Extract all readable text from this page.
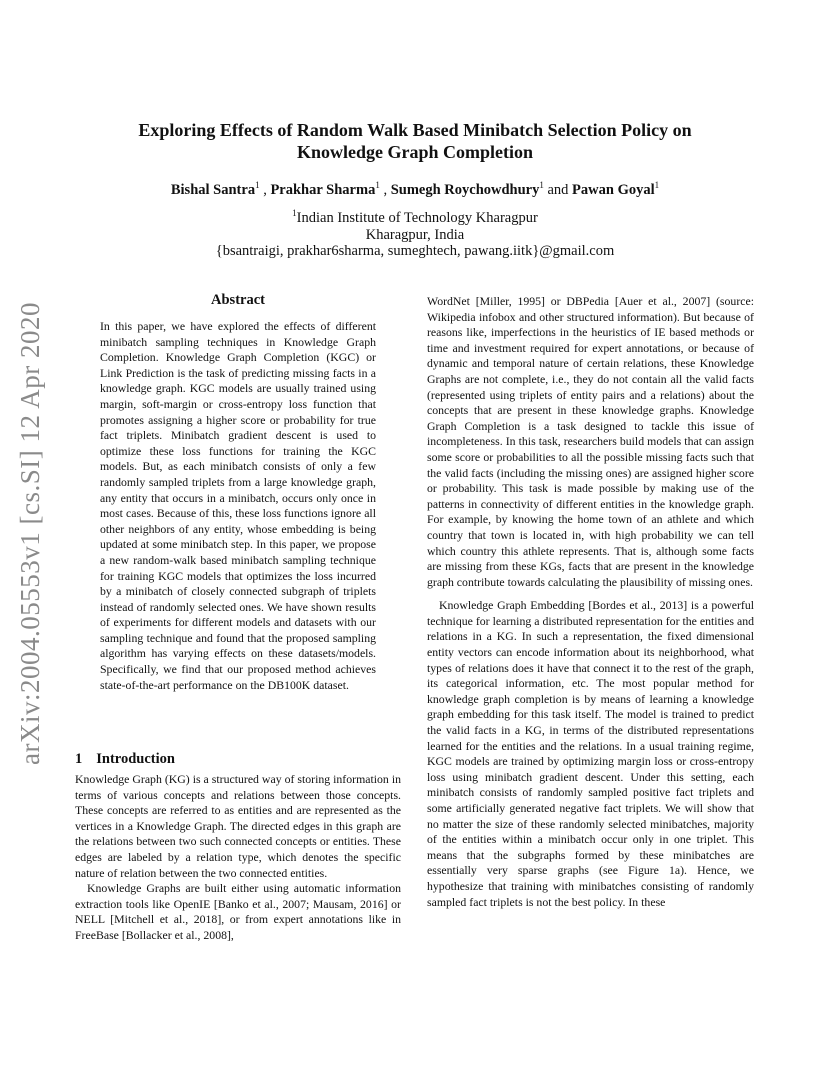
arXiv:2004.05553v1 [cs.SI] 12 Apr 2020
Exploring Effects of Random Walk Based Minibatch Selection Policy on
Knowledge Graph Completion
Bishal Santra$^1$ , Prakhar Sharma$^1$ , Sumegh Roychowdhury$^1$ and Pawan Goyal$^1$
$^1$Indian Institute of Technology Kharagpur
Kharagpur, India
{bsantraigi, prakhar6sharma, sumeghtech, pawang.iitk}@gmail.com
Abstract

In this paper, we have explored the effects of different minibatch sampling techniques in Knowledge Graph Completion. Knowledge Graph Completion (KGC) or Link Prediction is the task of predicting missing facts in a knowledge graph. KGC models are usually trained using margin, soft-margin or cross-entropy loss function that promotes assigning a higher score or probability for true fact triplets. Minibatch gradient descent is used to optimize these loss functions for training the KGC models. But, as each minibatch consists of only a few randomly sampled triplets from a large knowledge graph, any entity that occurs in a minibatch, occurs only once in most cases. Because of this, these loss functions ignore all other neighbors of any entity, whose embedding is being updated at some minibatch step. In this paper, we propose a new random-walk based minibatch sampling technique for training KGC models that optimizes the loss incurred by a minibatch of closely connected subgraph of triplets instead of randomly selected ones. We have shown results of experiments for different models and datasets with our sampling technique and found that the proposed sampling algorithm has varying effects on these datasets/models. Specifically, we find that our proposed method achieves state-of-the-art performance on the DB100K dataset.

1 Introduction

Knowledge Graph (KG) is a structured way of storing information in terms of various concepts and relations between those concepts. These concepts are referred to as entities and are represented as the vertices in a Knowledge Graph. The directed edges in this graph are the relations between two such connected concepts or entities. These edges are labeled by a relation type, which denotes the specific nature of relation between the two connected entities.

Knowledge Graphs are built either using automatic information extraction tools like OpenIE [Banko et al., 2007; Mausam, 2016] or NELL [Mitchell et al., 2018], or from expert annotations like in FreeBase [Bollacker et al., 2008],

WordNet [Miller, 1995] or DBPedia [Auer et al., 2007] (source: Wikipedia infobox and other structured information). But because of reasons like, imperfections in the heuristics of IE based methods or time and investment required for expert annotations, or because of dynamic and temporal nature of certain relations, these Knowledge Graphs are not complete, i.e., they do not contain all the valid facts (represented using triplets of entity pairs and a relations) about the concepts that are present in these knowledge graphs. Knowledge Graph Completion is a task designed to tackle this issue of incompleteness. In this task, researchers build models that can assign some score or probabilities to all the possible missing facts such that the valid facts (including the missing ones) are assigned higher score or probability. This task is made possible by making use of the patterns in connectivity of different entities in the knowledge graph. For example, by knowing the home town of an athlete and which country that town is located in, with high probability we can tell which country this athlete represents. That is, although some facts are missing from these KGs, facts that are present in the knowledge graph contribute towards calculating the plausibility of missing ones.

Knowledge Graph Embedding [Bordes et al., 2013] is a powerful technique for learning a distributed representation for the entities and relations in a KG. In such a representation, the fixed dimensional entity vectors can encode information about its neighborhood, what types of relations does it have that connect it to the rest of the graph, its categorical information, etc. The most popular method for knowledge graph completion is by means of learning a knowledge graph embedding for this task itself. The model is trained to predict the valid facts in a KG, in terms of the distributed representations learned for the entities and the relations. In a usual training regime, KGC models are trained by optimizing margin loss or cross-entropy loss using minibatch gradient descent. Under this setting, each minibatch consists of randomly sampled positive fact triplets and some artificially generated negative fact triplets. We will show that no matter the size of these randomly selected minibatches, majority of the entities within a minibatch occur only in one triplet. This means that the subgraphs formed by these minibatches are essentially very sparse graphs (see Figure 1a). Hence, we hypothesize that training with minibatches consisting of randomly sampled fact triplets is not the best policy. In these
